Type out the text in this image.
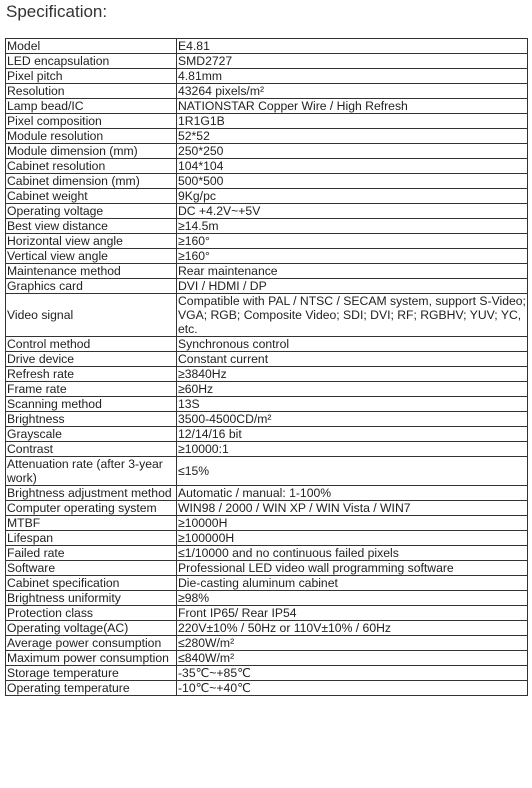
Specification:
Model	E4.81
LED encapsulation	SMD2727
Pixel pitch	4.81mm
Resolution	43264 pixels/m²
Lamp bead/IC	NATIONSTAR Copper Wire / High Refresh
Pixel composition	1R1G1B
Module resolution	52*52
Module dimension (mm)	250*250
Cabinet resolution	104*104
Cabinet dimension (mm)	500*500
Cabinet weight	9Kg/pc
Operating voltage	DC +4.2V~+5V
Best view distance	≥14.5m
Horizontal view angle	≥160°
Vertical view angle	≥160°
Maintenance method	Rear maintenance
Graphics card	DVI / HDMI / DP
Video signal	Compatible with PAL / NTSC / SECAM system, support S-Video; VGA; RGB; Composite Video; SDI; DVI; RF; RGBHV; YUV; YC, etc.
Control method	Synchronous control
Drive device	Constant current
Refresh rate	≥3840Hz
Frame rate	≥60Hz
Scanning method	13S
Brightness	3500-4500CD/m²
Grayscale	12/14/16 bit
Contrast	≥10000:1
Attenuation rate (after 3-year work)	≤15%
Brightness adjustment method	Automatic / manual: 1-100%
Computer operating system	WIN98 / 2000 / WIN XP / WIN Vista / WIN7
MTBF	≥10000H
Lifespan	≥100000H
Failed rate	≤1/10000 and no continuous failed pixels
Software	Professional LED video wall programming software
Cabinet specification	Die-casting aluminum cabinet
Brightness uniformity	≥98%
Protection class	Front IP65/ Rear IP54
Operating voltage(AC)	220V±10% / 50Hz or 110V±10% / 60Hz
Average power consumption	≤280W/m²
Maximum power consumption	≤840W/m²
Storage temperature	-35℃~+85℃
Operating temperature	-10℃~+40℃
